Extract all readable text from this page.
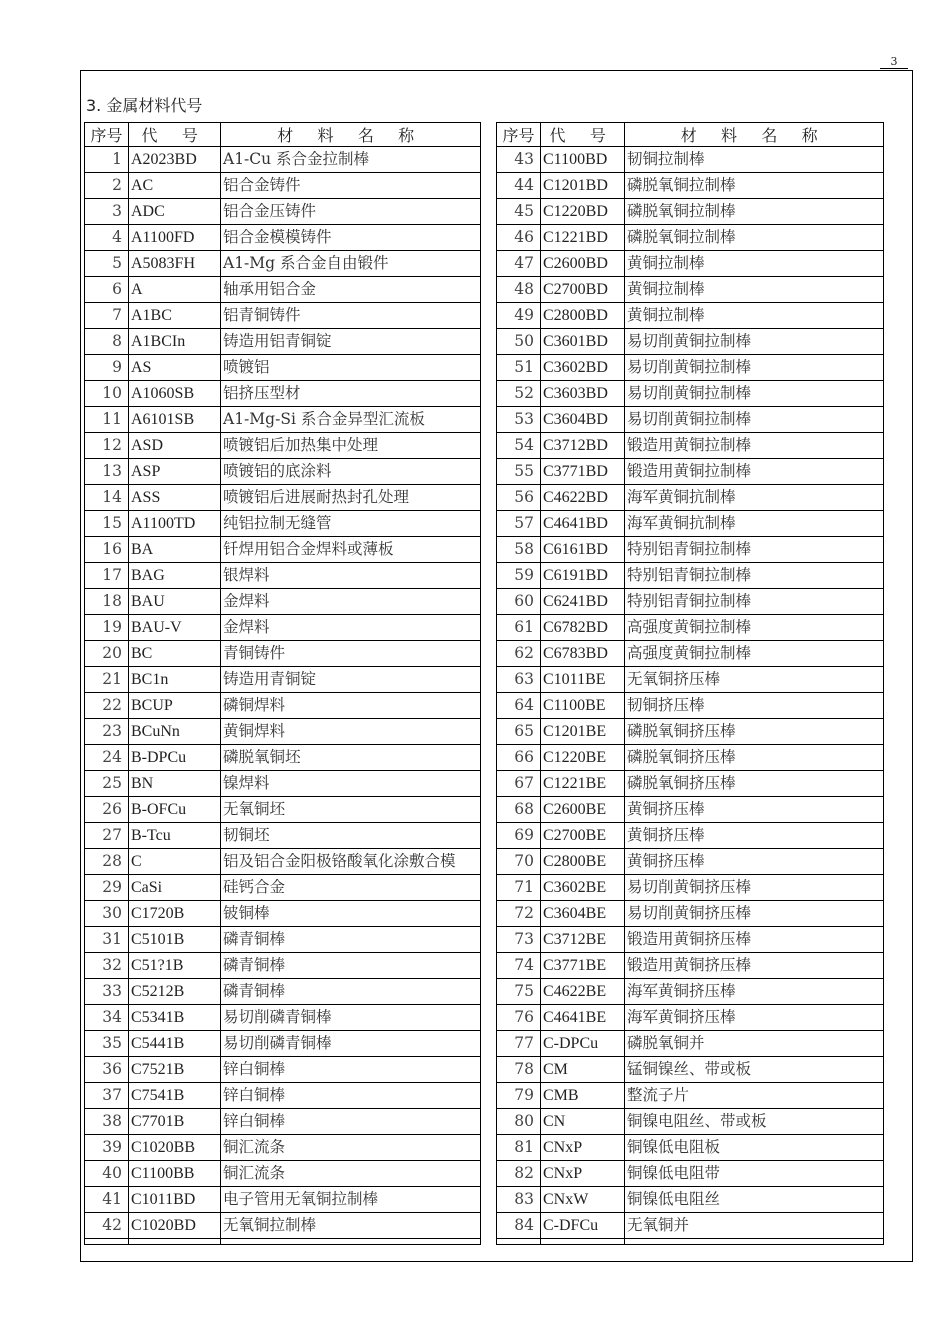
3
3. 金属材料代号
序号	代 号	材 料 名 称
1	A2023BD	A1-Cu 系合金拉制棒
2	AC	铝合金铸件
3	ADC	铝合金压铸件
4	A1100FD	铝合金模模铸件
5	A5083FH	A1-Mg 系合金自由锻件
6	A	轴承用铝合金
7	A1BC	铝青铜铸件
8	A1BCIn	铸造用铝青铜锭
9	AS	喷镀铝
10	A1060SB	铝挤压型材
11	A6101SB	A1-Mg-Si 系合金异型汇流板
12	ASD	喷镀铝后加热集中处理
13	ASP	喷镀铝的底涂料
14	ASS	喷镀铝后进展耐热封孔处理
15	A1100TD	纯铝拉制无缝管
16	BA	钎焊用铝合金焊料或薄板
17	BAG	银焊料
18	BAU	金焊料
19	BAU-V	金焊料
20	BC	青铜铸件
21	BC1n	铸造用青铜锭
22	BCUP	磷铜焊料
23	BCuNn	黄铜焊料
24	B-DPCu	磷脱氧铜坯
25	BN	镍焊料
26	B-OFCu	无氧铜坯
27	B-Tcu	韧铜坯
28	C	铝及铝合金阳极铬酸氧化涂敷合模
29	CaSi	硅钙合金
30	C1720B	铍铜棒
31	C5101B	磷青铜棒
32	C51?1B	磷青铜棒
33	C5212B	磷青铜棒
34	C5341B	易切削磷青铜棒
35	C5441B	易切削磷青铜棒
36	C7521B	锌白铜棒
37	C7541B	锌白铜棒
38	C7701B	锌白铜棒
39	C1020BB	铜汇流条
40	C1100BB	铜汇流条
41	C1011BD	电子管用无氧铜拉制棒
42	C1020BD	无氧铜拉制棒

序号	代 号	材 料 名 称
43	C1100BD	韧铜拉制棒
44	C1201BD	磷脱氧铜拉制棒
45	C1220BD	磷脱氧铜拉制棒
46	C1221BD	磷脱氧铜拉制棒
47	C2600BD	黄铜拉制棒
48	C2700BD	黄铜拉制棒
49	C2800BD	黄铜拉制棒
50	C3601BD	易切削黄铜拉制棒
51	C3602BD	易切削黄铜拉制棒
52	C3603BD	易切削黄铜拉制棒
53	C3604BD	易切削黄铜拉制棒
54	C3712BD	锻造用黄铜拉制棒
55	C3771BD	锻造用黄铜拉制棒
56	C4622BD	海军黄铜抗制棒
57	C4641BD	海军黄铜抗制棒
58	C6161BD	特别铝青铜拉制棒
59	C6191BD	特别铝青铜拉制棒
60	C6241BD	特别铝青铜拉制棒
61	C6782BD	高强度黄铜拉制棒
62	C6783BD	高强度黄铜拉制棒
63	C1011BE	无氧铜挤压棒
64	C1100BE	韧铜挤压棒
65	C1201BE	磷脱氧铜挤压棒
66	C1220BE	磷脱氧铜挤压棒
67	C1221BE	磷脱氧铜挤压棒
68	C2600BE	黄铜挤压棒
69	C2700BE	黄铜挤压棒
70	C2800BE	黄铜挤压棒
71	C3602BE	易切削黄铜挤压棒
72	C3604BE	易切削黄铜挤压棒
73	C3712BE	锻造用黄铜挤压棒
74	C3771BE	锻造用黄铜挤压棒
75	C4622BE	海军黄铜挤压棒
76	C4641BE	海军黄铜挤压棒
77	C-DPCu	磷脱氧铜并
78	CM	锰铜镍丝、带或板
79	CMB	整流子片
80	CN	铜镍电阻丝、带或板
81	CNxP	铜镍低电阻板
82	CNxP	铜镍低电阻带
83	CNxW	铜镍低电阻丝
84	C-DFCu	无氧铜并
